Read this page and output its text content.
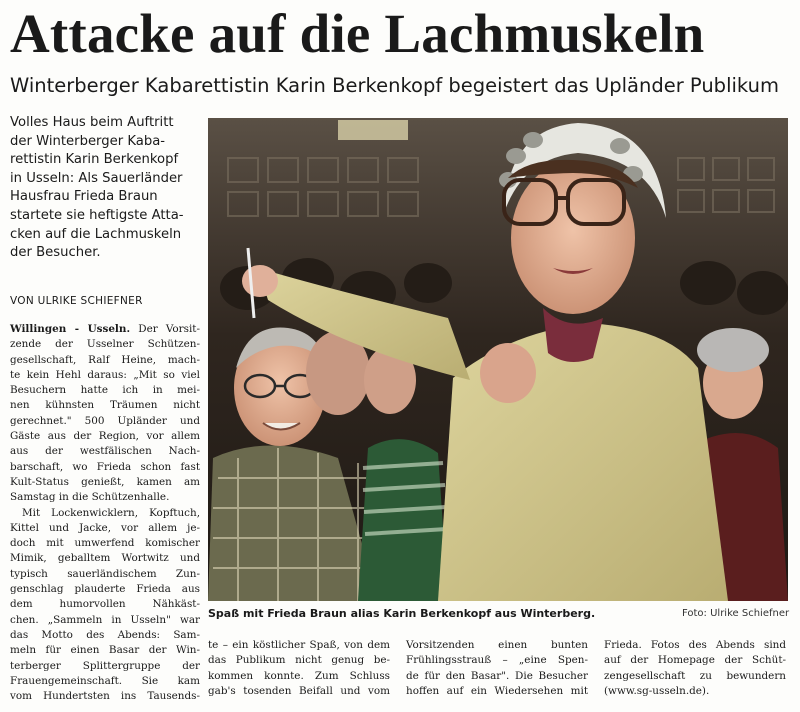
Attacke auf die Lachmuskeln
Winterberger Kabarettistin Karin Berkenkopf begeistert das Upländer Publikum
Volles Haus beim Auftritt
der Winterberger Kaba-
rettistin Karin Berkenkopf
in Usseln: Als Sauerländer
Hausfrau Frieda Braun
startete sie heftigste Atta-
cken auf die Lachmuskeln
der Besucher.
VON ULRIKE SCHIEFNER
Willingen - Usseln. Der Vorsit-
zende der Usselner Schützen-
gesellschaft, Ralf Heine, mach-
te kein Hehl daraus: „Mit so viel
Besuchern hatte ich in mei-
nen kühnsten Träumen nicht
gerechnet." 500 Upländer und
Gäste aus der Region, vor allem
aus der westfälischen Nach-
barschaft, wo Frieda schon fast
Kult-Status genießt, kamen am
Samstag in die Schützenhalle.
Mit Lockenwicklern, Kopftuch,
Kittel und Jacke, vor allem je-
doch mit umwerfend komischer
Mimik, geballtem Wortwitz und
typisch sauerländischem Zun-
genschlag plauderte Frieda aus
dem humorvollen Nähkäst-
chen. „Sammeln in Usseln" war
das Motto des Abends: Sam-
meln für einen Basar der Win-
terberger Splittergruppe der
Frauengemeinschaft. Sie kam
vom Hundertsten ins Tausends-
Spaß mit Frieda Braun alias Karin Berkenkopf aus Winterberg.	Foto: Ulrike Schiefner
te – ein köstlicher Spaß, von dem
das Publikum nicht genug be-
kommen konnte. Zum Schluss
gab's tosenden Beifall und vom
Vorsitzenden einen bunten
Frühlingsstrauß – „eine Spen-
de für den Basar". Die Besucher
hoffen auf ein Wiedersehen mit
Frieda. Fotos des Abends sind
auf der Homepage der Schüt-
zengesellschaft zu bewundern
(www.sg-usseln.de).
